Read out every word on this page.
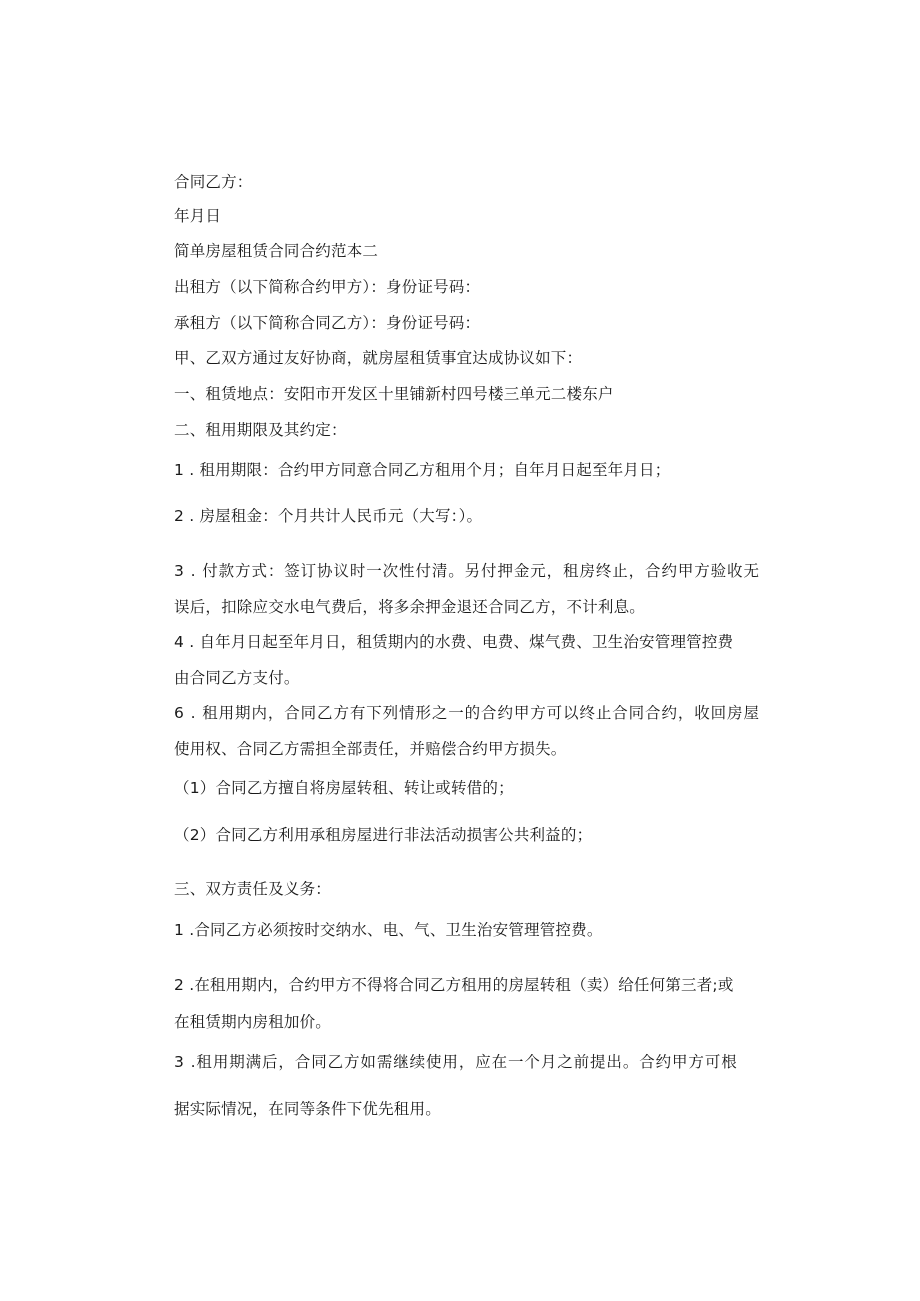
合同乙方：
年月日
简单房屋租赁合同合约范本二
出租方（以下简称合约甲方）：身份证号码：
承租方（以下简称合同乙方）：身份证号码：
甲、乙双方通过友好协商，就房屋租赁事宜达成协议如下：
一、租赁地点：安阳市开发区十里铺新村四号楼三单元二楼东户
二、租用期限及其约定：
1 . 租用期限：合约甲方同意合同乙方租用个月；自年月日起至年月日；
2 . 房屋租金：个月共计人民币元（大写：）。
3 . 付款方式：签订协议时一次性付清。另付押金元，租房终止，合约甲方验收无
误后，扣除应交水电气费后，将多余押金退还合同乙方，不计利息。
4 . 自年月日起至年月日，租赁期内的水费、电费、煤气费、卫生治安管理管控费
由合同乙方支付。
6 . 租用期内，合同乙方有下列情形之一的合约甲方可以终止合同合约，收回房屋
使用权、合同乙方需担全部责任，并赔偿合约甲方损失。
（1）合同乙方擅自将房屋转租、转让或转借的；
（2）合同乙方利用承租房屋进行非法活动损害公共利益的；
三、双方责任及义务：
1 .合同乙方必须按时交纳水、电、气、卫生治安管理管控费。
2 .在租用期内，合约甲方不得将合同乙方租用的房屋转租（卖）给任何第三者;或
在租赁期内房租加价。
3 .租用期满后，合同乙方如需继续使用，应在一个月之前提出。合约甲方可根
据实际情况，在同等条件下优先租用。
